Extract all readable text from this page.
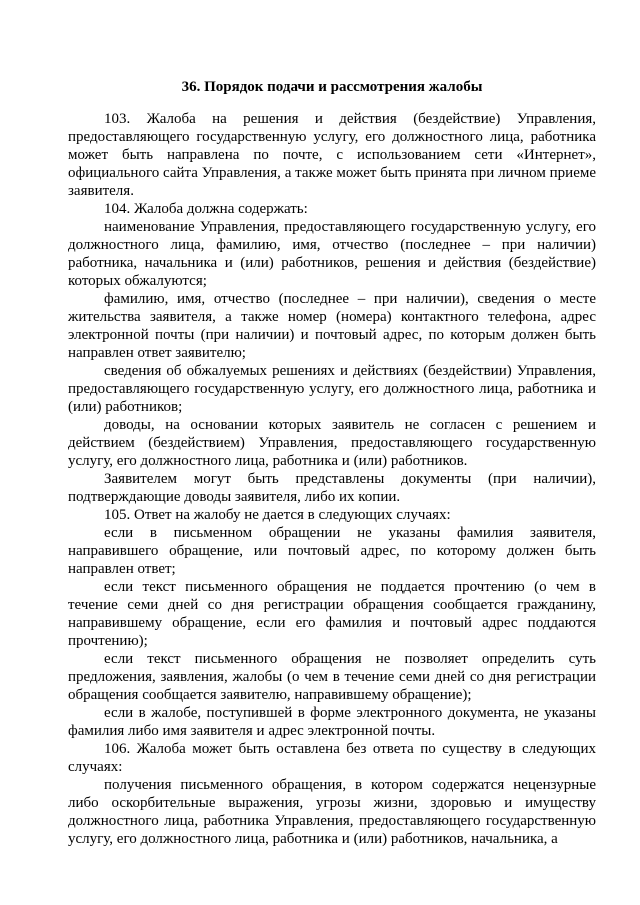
36. Порядок подачи и рассмотрения жалобы

103. Жалоба на решения и действия (бездействие) Управления, предоставляющего государственную услугу, его должностного лица, работника может быть направлена по почте, с использованием сети «Интернет», официального сайта Управления, а также может быть принята при личном приеме заявителя.

104. Жалоба должна содержать:

наименование Управления, предоставляющего государственную услугу, его должностного лица, фамилию, имя, отчество (последнее – при наличии) работника, начальника и (или) работников, решения и действия (бездействие) которых обжалуются;

фамилию, имя, отчество (последнее – при наличии), сведения о месте жительства заявителя, а также номер (номера) контактного телефона, адрес электронной почты (при наличии) и почтовый адрес, по которым должен быть направлен ответ заявителю;

сведения об обжалуемых решениях и действиях (бездействии) Управления, предоставляющего государственную услугу, его должностного лица, работника и (или) работников;

доводы, на основании которых заявитель не согласен с решением и действием (бездействием) Управления, предоставляющего государственную услугу, его должностного лица, работника и (или) работников.

Заявителем могут быть представлены документы (при наличии), подтверждающие доводы заявителя, либо их копии.

105. Ответ на жалобу не дается в следующих случаях:

если в письменном обращении не указаны фамилия заявителя, направившего обращение, или почтовый адрес, по которому должен быть направлен ответ;

если текст письменного обращения не поддается прочтению (о чем в течение семи дней со дня регистрации обращения сообщается гражданину, направившему обращение, если его фамилия и почтовый адрес поддаются прочтению);

если текст письменного обращения не позволяет определить суть предложения, заявления, жалобы (о чем в течение семи дней со дня регистрации обращения сообщается заявителю, направившему обращение);

если в жалобе, поступившей в форме электронного документа, не указаны фамилия либо имя заявителя и адрес электронной почты.

106. Жалоба может быть оставлена без ответа по существу в следующих случаях:

получения письменного обращения, в котором содержатся нецензурные либо оскорбительные выражения, угрозы жизни, здоровью и имуществу должностного лица, работника Управления, предоставляющего государственную услугу, его должностного лица, работника и (или) работников, начальника, а
